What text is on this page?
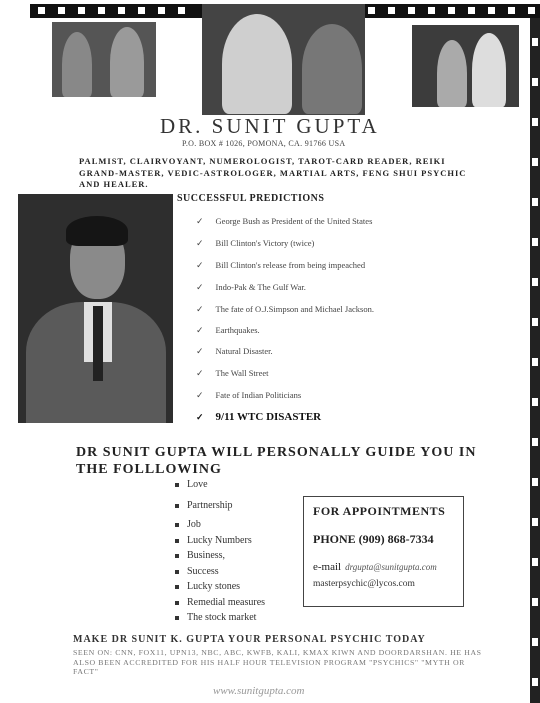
DR. SUNIT GUPTA
P.O. BOX # 1026, POMONA, CA. 91766 USA
PALMIST, CLAIRVOYANT, NUMEROLOGIST, TAROT-CARD READER, REIKI GRAND-MASTER, VEDIC-ASTROLOGER, MARTIAL ARTS, FENG SHUI PSYCHIC AND HEALER.
SUCCESSFUL PREDICTIONS
✓ George Bush as President of the United States
✓ Bill Clinton's Victory (twice)
✓ Bill Clinton's release from being impeached
✓ Indo-Pak & The Gulf War.
✓ The fate of O.J.Simpson and Michael Jackson.
✓ Earthquakes.
✓ Natural Disaster.
✓ The Wall Street
✓ Fate of Indian Politicians
✓ 9/11 WTC DISASTER
DR SUNIT GUPTA WILL PERSONALLY GUIDE YOU IN THE FOLLLOWING
Love
Partnership
Job
Lucky Numbers
Business,
Success
Lucky stones
Remedial measures
The stock market
FOR APPOINTMENTS
PHONE (909) 868-7334
e-mail drgupta@sunitgupta.com
masterpsychic@lycos.com
MAKE DR SUNIT K. GUPTA YOUR PERSONAL PSYCHIC TODAY
SEEN ON: CNN, FOX11, UPN13, NBC, ABC, KWFB, KALI, KMAX KIWN AND DOORDARSHAN. HE HAS ALSO BEEN ACCREDITED FOR HIS HALF HOUR TELEVISION PROGRAM "PSYCHICS" "MYTH OR FACT"
www.sunitgupta.com
